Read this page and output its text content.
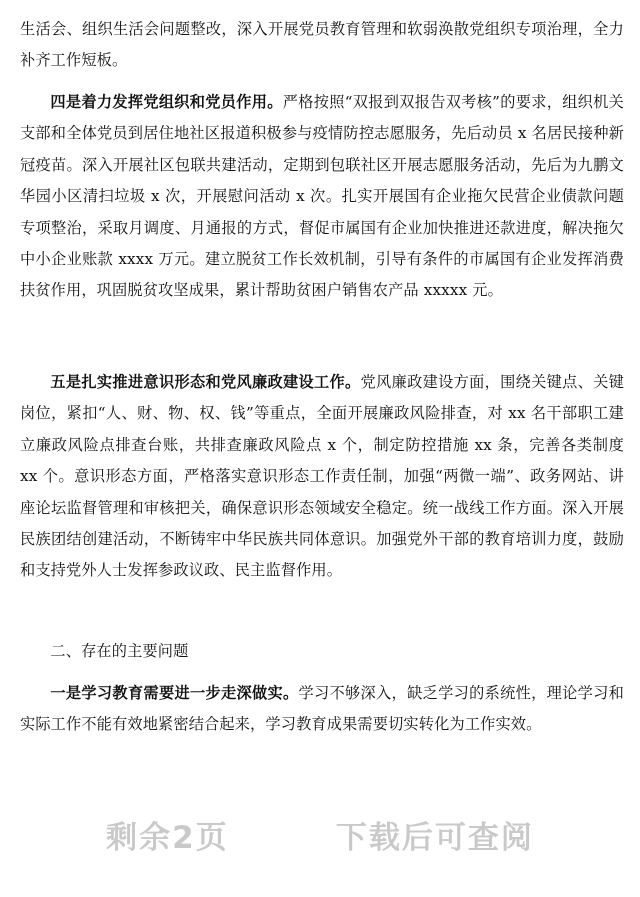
生活会、组织生活会问题整改，深入开展党员教育管理和软弱涣散党组织专项治理，全力补齐工作短板。

四是着力发挥党组织和党员作用。严格按照“双报到双报告双考核”的要求，组织机关支部和全体党员到居住地社区报道积极参与疫情防控志愿服务，先后动员 x 名居民接种新冠疫苗。深入开展社区包联共建活动，定期到包联社区开展志愿服务活动，先后为九鹏文华园小区清扫垃圾 x 次，开展慰问活动 x 次。扎实开展国有企业拖欠民营企业债款问题专项整治，采取月调度、月通报的方式，督促市属国有企业加快推进还款进度，解决拖欠中小企业账款 xxxx 万元。建立脱贫工作长效机制，引导有条件的市属国有企业发挥消费扶贫作用，巩固脱贫攻坚成果，累计帮助贫困户销售农产品 xxxxx 元。

五是扎实推进意识形态和党风廉政建设工作。党风廉政建设方面，围绕关键点、关键岗位，紧扣“人、财、物、权、钱”等重点，全面开展廉政风险排查，对 xx 名干部职工建立廉政风险点排查台账，共排查廉政风险点 x 个，制定防控措施 xx 条，完善各类制度 xx 个。意识形态方面，严格落实意识形态工作责任制，加强“两微一端”、政务网站、讲座论坛监督管理和审核把关，确保意识形态领域安全稳定。统一战线工作方面。深入开展民族团结创建活动，不断铸牢中华民族共同体意识。加强党外干部的教育培训力度，鼓励和支持党外人士发挥参政议政、民主监督作用。

二、存在的主要问题

一是学习教育需要进一步走深做实。学习不够深入，缺乏学习的系统性，理论学习和实际工作不能有效地紧密结合起来，学习教育成果需要切实转化为工作实效。

剩余2页	下载后可查阅
